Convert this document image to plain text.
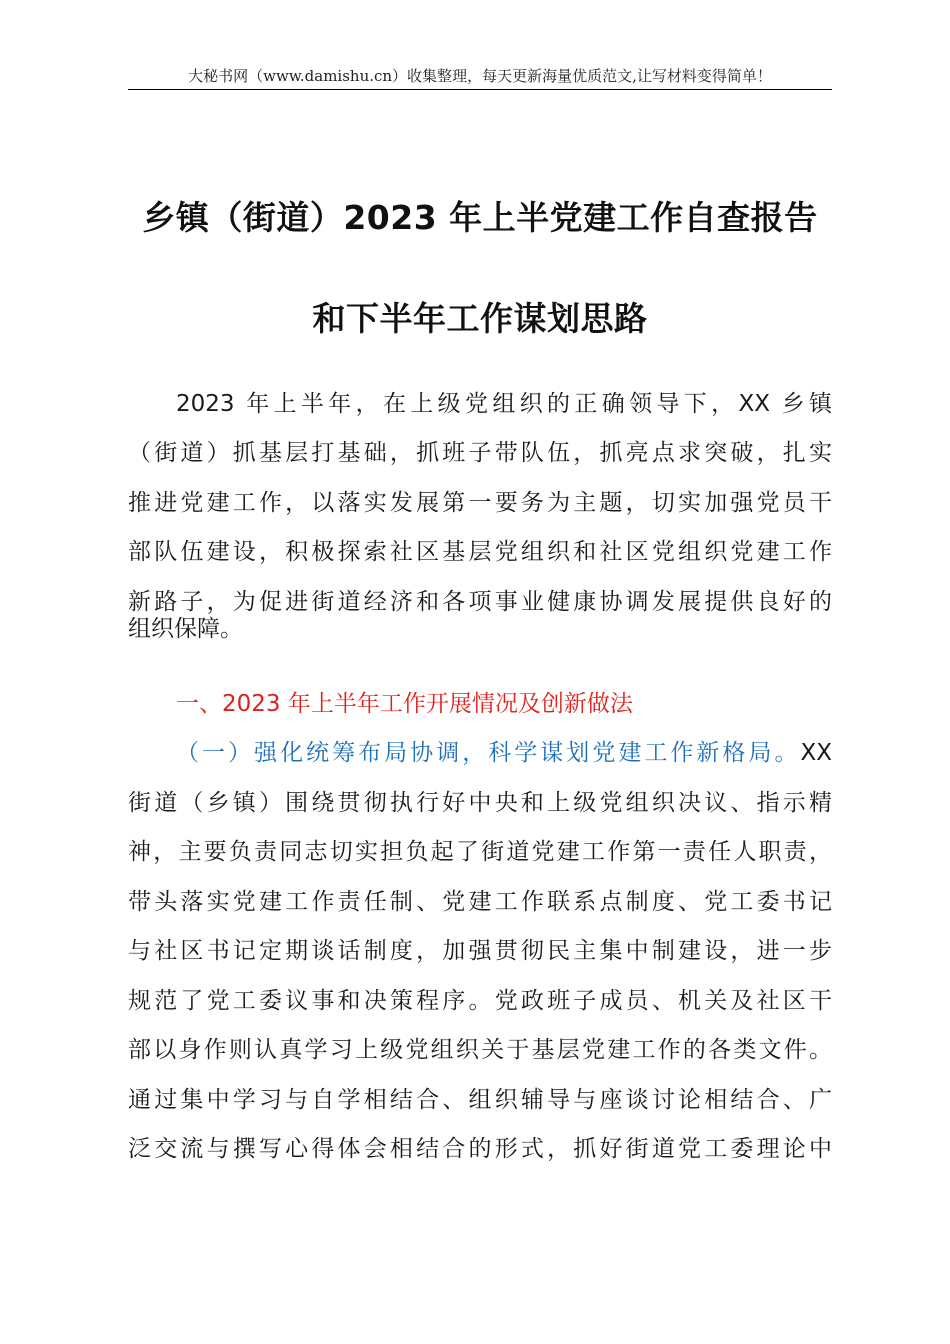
大秘书网（www.damishu.cn）收集整理，每天更新海量优质范文,让写材料变得简单！
乡镇（街道）2023 年上半党建工作自查报告
和下半年工作谋划思路
2023 年上半年，在上级党组织的正确领导下，XX 乡镇
（街道）抓基层打基础，抓班子带队伍，抓亮点求突破，扎实
推进党建工作，以落实发展第一要务为主题，切实加强党员干
部队伍建设，积极探索社区基层党组织和社区党组织党建工作
新路子，为促进街道经济和各项事业健康协调发展提供良好的
组织保障。
一、2023 年上半年工作开展情况及创新做法
（一）强化统筹布局协调，科学谋划党建工作新格局。XX
街道（乡镇）围绕贯彻执行好中央和上级党组织决议、指示精
神，主要负责同志切实担负起了街道党建工作第一责任人职责，
带头落实党建工作责任制、党建工作联系点制度、党工委书记
与社区书记定期谈话制度，加强贯彻民主集中制建设，进一步
规范了党工委议事和决策程序。党政班子成员、机关及社区干
部以身作则认真学习上级党组织关于基层党建工作的各类文件。
通过集中学习与自学相结合、组织辅导与座谈讨论相结合、广
泛交流与撰写心得体会相结合的形式，抓好街道党工委理论中
